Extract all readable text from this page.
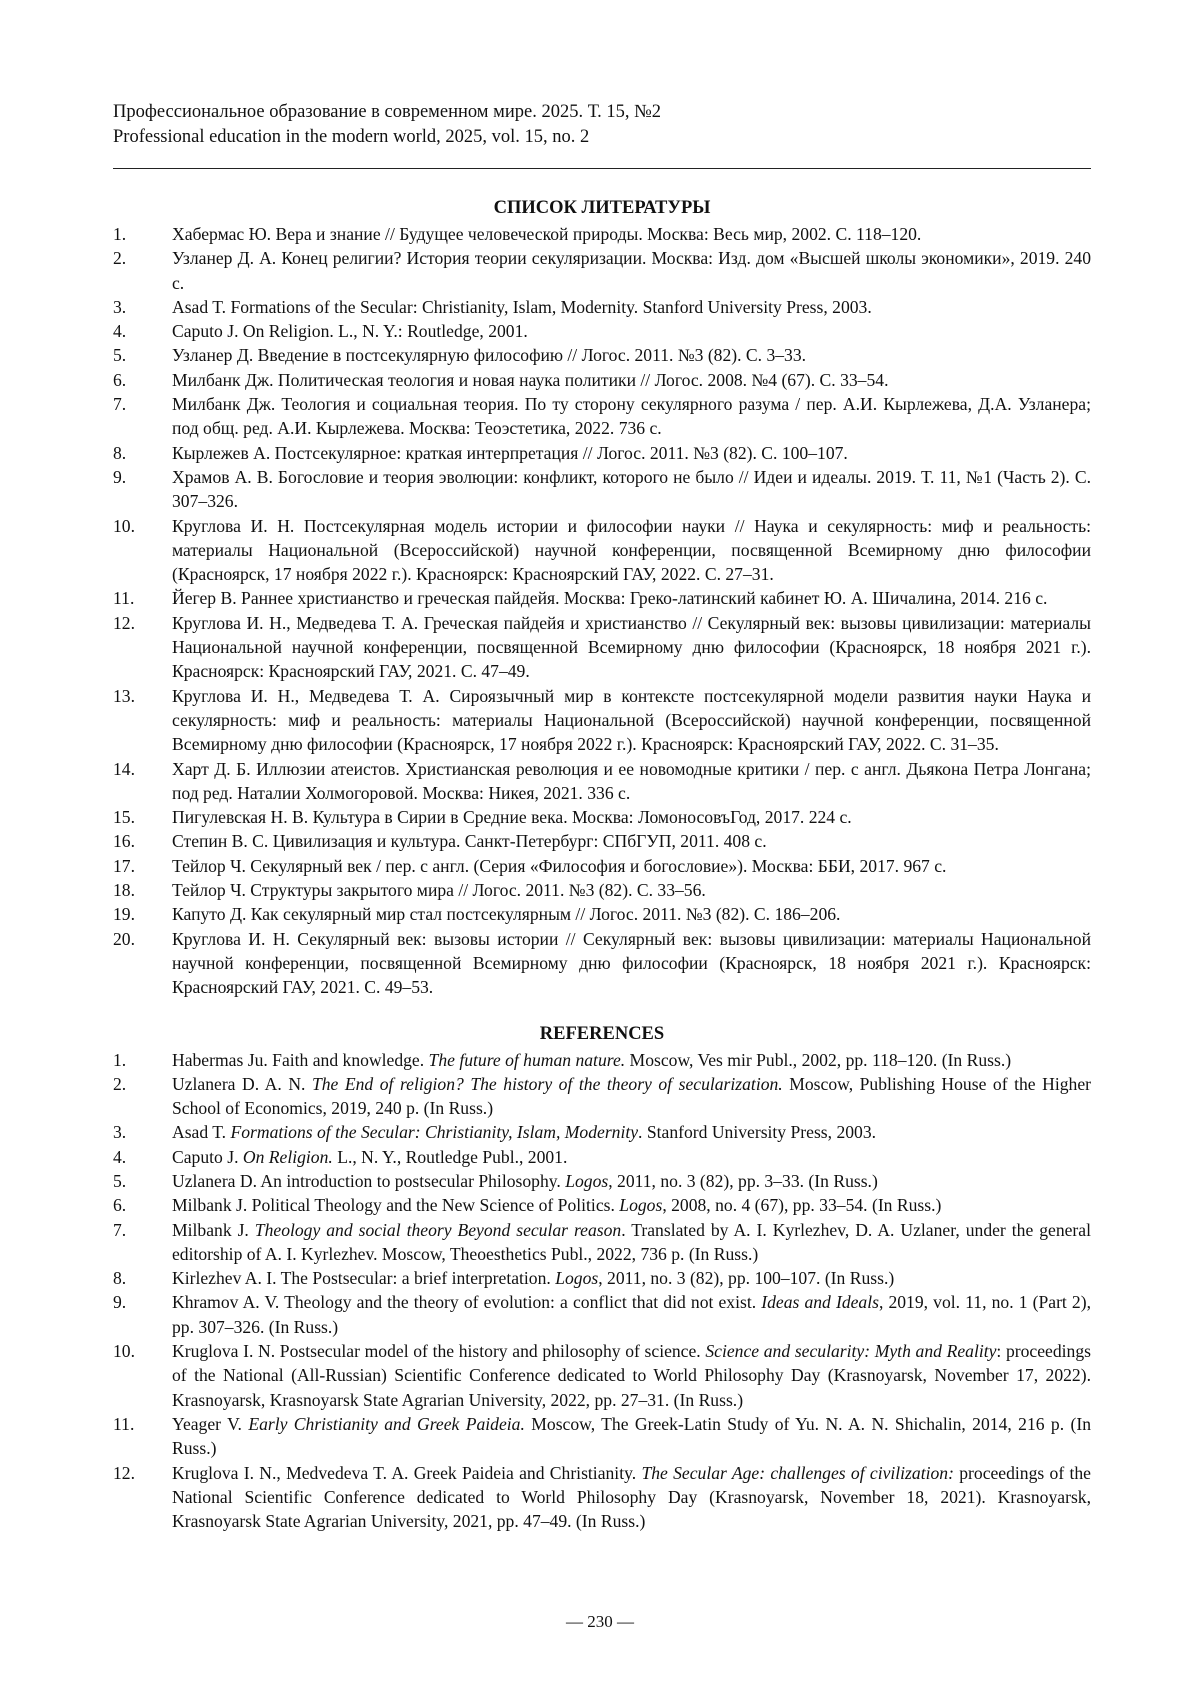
Профессиональное образование в современном мире. 2025. Т. 15, №2
Professional education in the modern world, 2025, vol. 15, no. 2
СПИСОК ЛИТЕРАТУРЫ
1.	Хабермас Ю. Вера и знание // Будущее человеческой природы. Москва: Весь мир, 2002. С. 118–120.
2.	Узланер Д. А. Конец религии? История теории секуляризации. Москва: Изд. дом «Высшей школы экономики», 2019. 240 с.
3.	Asad T. Formations of the Secular: Christianity, Islam, Modernity. Stanford University Press, 2003.
4.	Caputo J. On Religion. L., N. Y.: Routledge, 2001.
5.	Узланер Д. Введение в постсекулярную философию // Логос. 2011. №3 (82). С. 3–33.
6.	Милбанк Дж. Политическая теология и новая наука политики // Логос. 2008. №4 (67). С. 33–54.
7.	Милбанк Дж. Теология и социальная теория. По ту сторону секулярного разума / пер. А.И. Кырлежева, Д.А. Узланера; под общ. ред. А.И. Кырлежева. Москва: Теоэстетика, 2022. 736 с.
8.	Кырлежев А. Постсекулярное: краткая интерпретация // Логос. 2011. №3 (82). С. 100–107.
9.	Храмов А. В. Богословие и теория эволюции: конфликт, которого не было // Идеи и идеалы. 2019. Т. 11, №1 (Часть 2). С. 307–326.
10.	Круглова И. Н. Постсекулярная модель истории и философии науки // Наука и секулярность: миф и реальность: материалы Национальной (Всероссийской) научной конференции, посвященной Всемирному дню философии (Красноярск, 17 ноября 2022 г.). Красноярск: Красноярский ГАУ, 2022. С. 27–31.
11.	Йегер В. Раннее христианство и греческая пайдейя. Москва: Греко-латинский кабинет Ю. А. Шичалина, 2014. 216 с.
12.	Круглова И. Н., Медведева Т. А. Греческая пайдейя и христианство // Секулярный век: вызовы цивилизации: материалы Национальной научной конференции, посвященной Всемирному дню философии (Красноярск, 18 ноября 2021 г.). Красноярск: Красноярский ГАУ, 2021. С. 47–49.
13.	Круглова И. Н., Медведева Т. А. Сироязычный мир в контексте постсекулярной модели развития науки Наука и секулярность: миф и реальность: материалы Национальной (Всероссийской) научной конференции, посвященной Всемирному дню философии (Красноярск, 17 ноября 2022 г.). Красноярск: Красноярский ГАУ, 2022. С. 31–35.
14.	Харт Д. Б. Иллюзии атеистов. Христианская революция и ее новомодные критики / пер. с англ. Дьякона Петра Лонгана; под ред. Наталии Холмогоровой. Москва: Никея, 2021. 336 с.
15.	Пигулевская Н. В. Культура в Сирии в Средние века. Москва: ЛомоносовъГод, 2017. 224 с.
16.	Степин В. С. Цивилизация и культура. Санкт-Петербург: СПбГУП, 2011. 408 с.
17.	Тейлор Ч. Секулярный век / пер. с англ. (Серия «Философия и богословие»). Москва: ББИ, 2017. 967 с.
18.	Тейлор Ч. Структуры закрытого мира // Логос. 2011. №3 (82). С. 33–56.
19.	Капуто Д. Как секулярный мир стал постсекулярным // Логос. 2011. №3 (82). С. 186–206.
20.	Круглова И. Н. Секулярный век: вызовы истории // Секулярный век: вызовы цивилизации: материалы Национальной научной конференции, посвященной Всемирному дню философии (Красноярск, 18 ноября 2021 г.). Красноярск: Красноярский ГАУ, 2021. С. 49–53.
REFERENCES
1.	Habermas Ju. Faith and knowledge. The future of human nature. Moscow, Ves mir Publ., 2002, pp. 118–120. (In Russ.)
2.	Uzlanera D. A. N. The End of religion? The history of the theory of secularization. Moscow, Publishing House of the Higher School of Economics, 2019, 240 p. (In Russ.)
3.	Asad T. Formations of the Secular: Christianity, Islam, Modernity. Stanford University Press, 2003.
4.	Caputo J. On Religion. L., N. Y., Routledge Publ., 2001.
5.	Uzlanera D. An introduction to postsecular Philosophy. Logos, 2011, no. 3 (82), pp. 3–33. (In Russ.)
6.	Milbank J. Political Theology and the New Science of Politics. Logos, 2008, no. 4 (67), pp. 33–54. (In Russ.)
7.	Milbank J. Theology and social theory Beyond secular reason. Translated by A. I. Kyrlezhev, D. A. Uzlaner, under the general editorship of A. I. Kyrlezhev. Moscow, Theoesthetics Publ., 2022, 736 p. (In Russ.)
8.	Kirlezhev A. I. The Postsecular: a brief interpretation. Logos, 2011, no. 3 (82), pp. 100–107. (In Russ.)
9.	Khramov A. V. Theology and the theory of evolution: a conflict that did not exist. Ideas and Ideals, 2019, vol. 11, no. 1 (Part 2), pp. 307–326. (In Russ.)
10.	Kruglova I. N. Postsecular model of the history and philosophy of science. Science and secularity: Myth and Reality: proceedings of the National (All-Russian) Scientific Conference dedicated to World Philosophy Day (Krasnoyarsk, November 17, 2022). Krasnoyarsk, Krasnoyarsk State Agrarian University, 2022, pp. 27–31. (In Russ.)
11.	Yeager V. Early Christianity and Greek Paideia. Moscow, The Greek-Latin Study of Yu. N. A. N. Shichalin, 2014, 216 p. (In Russ.)
12.	Kruglova I. N., Medvedeva T. A. Greek Paideia and Christianity. The Secular Age: challenges of civilization: proceedings of the National Scientific Conference dedicated to World Philosophy Day (Krasnoyarsk, November 18, 2021). Krasnoyarsk, Krasnoyarsk State Agrarian University, 2021, pp. 47–49. (In Russ.)
— 230 —
